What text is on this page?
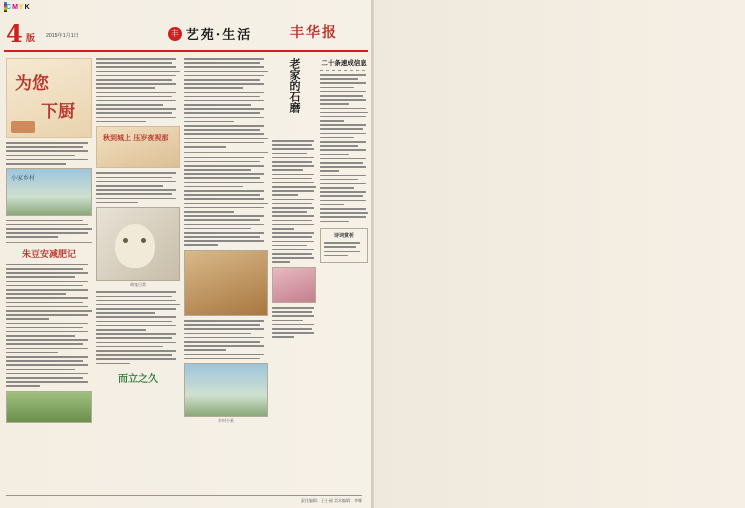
CMYK
4 版 2015年1月1日	丰 艺苑·生活	丰华报
为您
下厨
小家乡村
朱豆安减肥记
秋到城上 压岁夜视那
萌宠日常
而立之久
乡村小景
老家的石磨	二十条速成信息
诗词赏析
责任编辑：王小丽 美术编辑：李娜
